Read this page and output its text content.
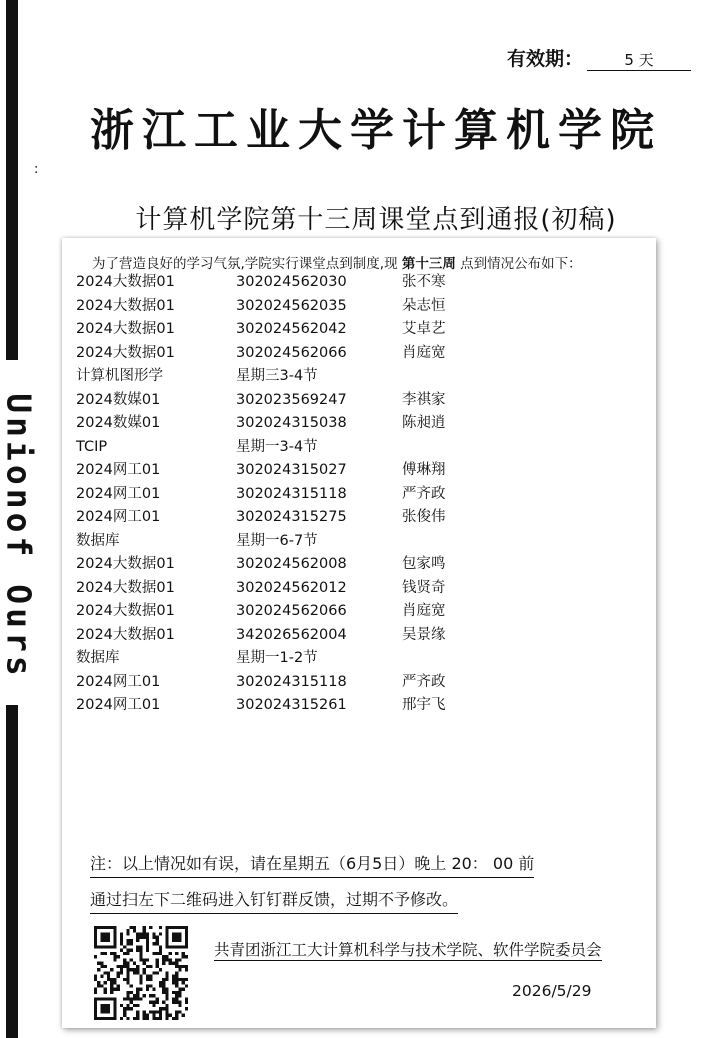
Unionof Ours
有效期：	5 天
浙江工业大学计算机学院
:
计算机学院第十三周课堂点到通报(初稿)
为了营造良好的学习气氛,学院实行课堂点到制度,现 第十三周 点到情况公布如下：
2024大数据01	302024562030	张不寒
2024大数据01	302024562035	朵志恒
2024大数据01	302024562042	艾卓艺
2024大数据01	302024562066	肖庭宽
计算机图形学	星期三3-4节
2024数媒01	302023569247	李祺家
2024数媒01	302024315038	陈昶逍
TCIP	星期一3-4节
2024网工01	302024315027	傅琳翔
2024网工01	302024315118	严齐政
2024网工01	302024315275	张俊伟
数据库	星期一6-7节
2024大数据01	302024562008	包家鸣
2024大数据01	302024562012	钱贤奇
2024大数据01	302024562066	肖庭宽
2024大数据01	342026562004	吴景缘
数据库	星期一1-2节
2024网工01	302024315118	严齐政
2024网工01	302024315261	邢宇飞
注：以上情况如有误，请在星期五（6月5日）晚上 20： 00 前
通过扫左下二维码进入钉钉群反馈，过期不予修改。
共青团浙江工大计算机科学与技术学院、软件学院委员会
2026/5/29
